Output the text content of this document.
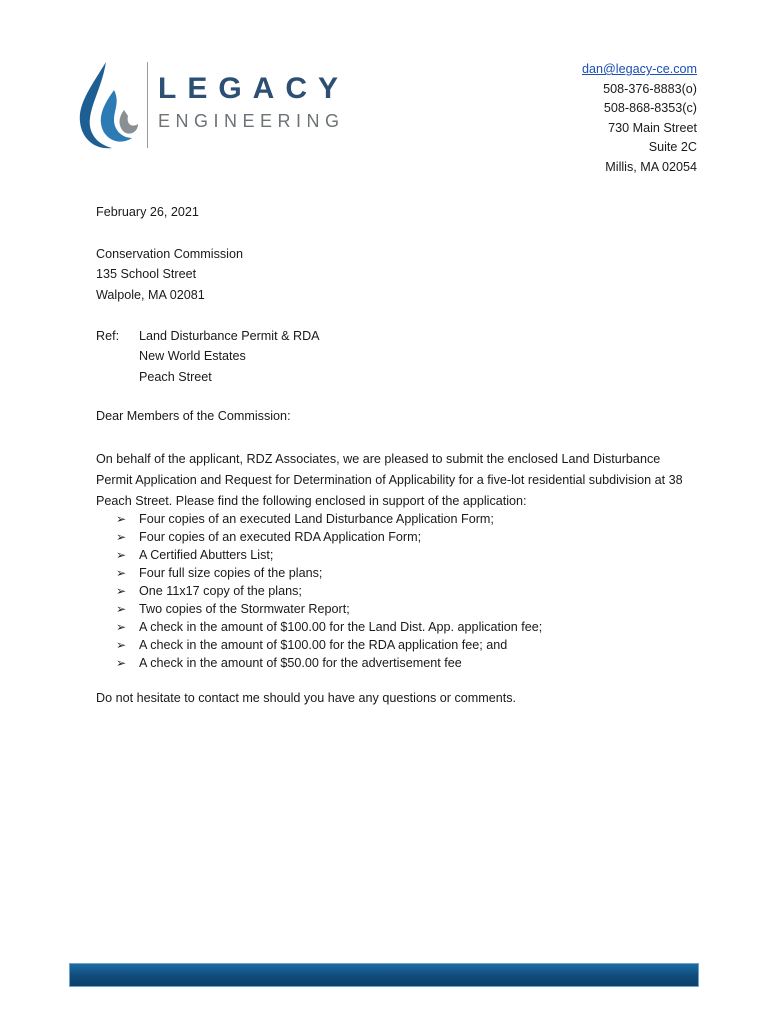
LEGACY
ENGINEERING
dan@legacy-ce.com
508-376-8883(o)
508-868-8353(c)
730 Main Street
Suite 2C
Millis, MA 02054
February 26, 2021
Conservation Commission
135 School Street
Walpole, MA 02081
Ref:	Land Disturbance Permit & RDA
New World Estates
Peach Street
Dear Members of the Commission:
On behalf of the applicant, RDZ Associates, we are pleased to submit the enclosed Land Disturbance Permit Application and Request for Determination of Applicability for a five-lot residential subdivision at 38 Peach Street. Please find the following enclosed in support of the application:
➢ Four copies of an executed Land Disturbance Application Form;
➢ Four copies of an executed RDA Application Form;
➢ A Certified Abutters List;
➢ Four full size copies of the plans;
➢ One 11x17 copy of the plans;
➢ Two copies of the Stormwater Report;
➢ A check in the amount of $100.00 for the Land Dist. App. application fee;
➢ A check in the amount of $100.00 for the RDA application fee; and
➢ A check in the amount of $50.00 for the advertisement fee
Do not hesitate to contact me should you have any questions or comments.
